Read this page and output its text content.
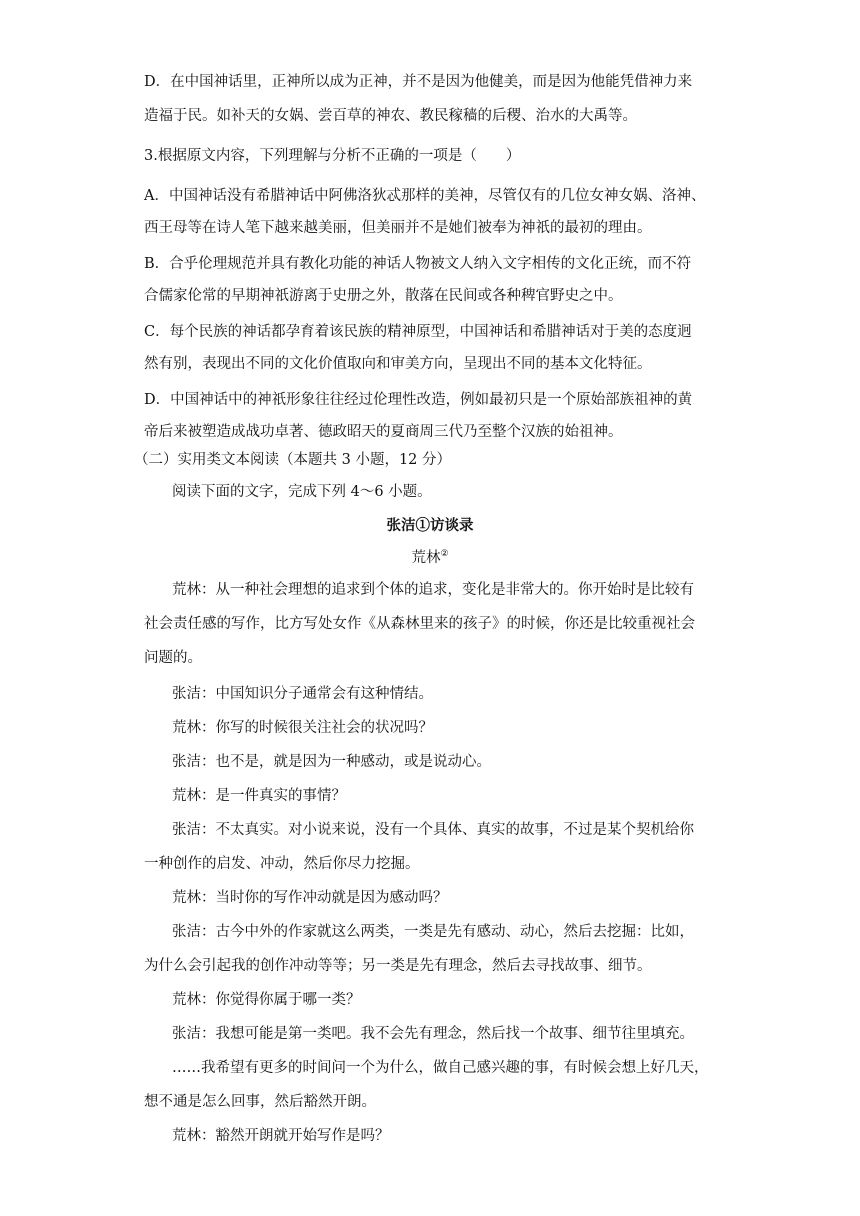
D．在中国神话里，正神所以成为正神，并不是因为他健美，而是因为他能凭借神力来
造福于民。如补天的女娲、尝百草的神农、教民稼穑的后稷、治水的大禹等。
3.根据原文内容，下列理解与分析不正确的一项是（　　）
A．中国神话没有希腊神话中阿佛洛狄忒那样的美神，尽管仅有的几位女神女娲、洛神、
西王母等在诗人笔下越来越美丽，但美丽并不是她们被奉为神祇的最初的理由。
B．合乎伦理规范并具有教化功能的神话人物被文人纳入文字相传的文化正统，而不符
合儒家伦常的早期神祇游离于史册之外，散落在民间或各种稗官野史之中。
C．每个民族的神话都孕育着该民族的精神原型，中国神话和希腊神话对于美的态度迥
然有别，表现出不同的文化价值取向和审美方向，呈现出不同的基本文化特征。
D．中国神话中的神祇形象往往经过伦理性改造，例如最初只是一个原始部族祖神的黄
帝后来被塑造成战功卓著、德政昭天的夏商周三代乃至整个汉族的始祖神。
（二）实用类文本阅读（本题共 3 小题，12 分）
阅读下面的文字，完成下列 4～6 小题。
张洁①访谈录
荒林②
荒林：从一种社会理想的追求到个体的追求，变化是非常大的。你开始时是比较有
社会责任感的写作，比方写处女作《从森林里来的孩子》的时候，你还是比较重视社会
问题的。
张洁：中国知识分子通常会有这种情结。
荒林：你写的时候很关注社会的状况吗？
张洁：也不是，就是因为一种感动，或是说动心。
荒林：是一件真实的事情？
张洁：不太真实。对小说来说，没有一个具体、真实的故事，不过是某个契机给你
一种创作的启发、冲动，然后你尽力挖掘。
荒林：当时你的写作冲动就是因为感动吗？
张洁：古今中外的作家就这么两类，一类是先有感动、动心，然后去挖掘：比如，
为什么会引起我的创作冲动等等；另一类是先有理念，然后去寻找故事、细节。
荒林：你觉得你属于哪一类？
张洁：我想可能是第一类吧。我不会先有理念，然后找一个故事、细节往里填充。
……我希望有更多的时间问一个为什么，做自己感兴趣的事，有时候会想上好几天，
想不通是怎么回事，然后豁然开朗。
荒林：豁然开朗就开始写作是吗？
